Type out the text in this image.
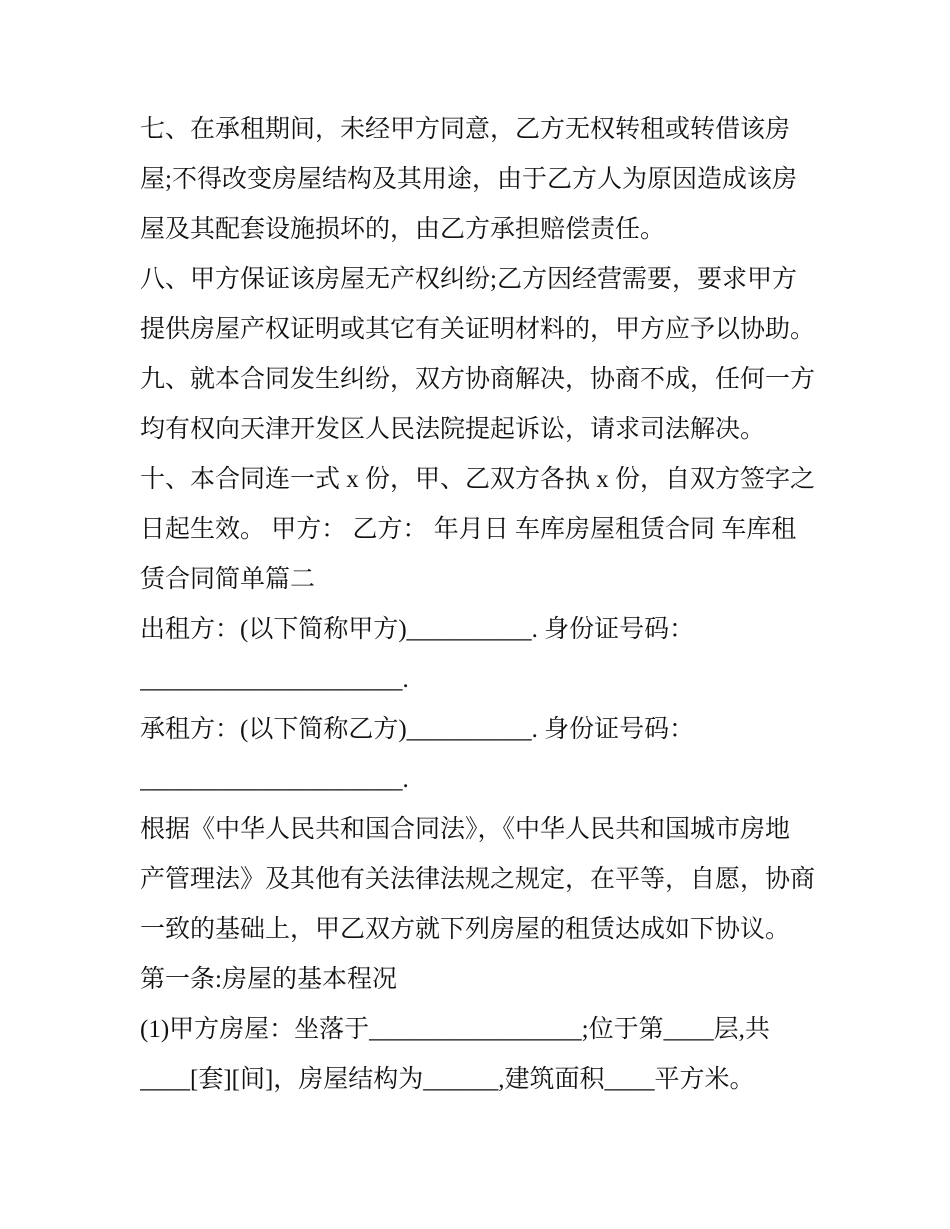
七、在承租期间，未经甲方同意，乙方无权转租或转借该房
屋;不得改变房屋结构及其用途，由于乙方人为原因造成该房
屋及其配套设施损坏的，由乙方承担赔偿责任。
八、甲方保证该房屋无产权纠纷;乙方因经营需要，要求甲方
提供房屋产权证明或其它有关证明材料的，甲方应予以协助。
九、就本合同发生纠纷，双方协商解决，协商不成，任何一方
均有权向天津开发区人民法院提起诉讼，请求司法解决。
十、本合同连一式 x 份，甲、乙双方各执 x 份，自双方签字之
日起生效。 甲方： 乙方： 年月日 车库房屋租赁合同 车库租
赁合同简单篇二
出租方：(以下简称甲方)__________. 身份证号码：
_____________________.
承租方：(以下简称乙方)__________. 身份证号码：
_____________________.
根据《中华人民共和国合同法》，《中华人民共和国城市房地
产管理法》及其他有关法律法规之规定，在平等，自愿，协商
一致的基础上，甲乙双方就下列房屋的租赁达成如下协议。
第一条:房屋的基本程况
(1)甲方房屋：坐落于_________________;位于第____层,共
____[套][间]，房屋结构为______,建筑面积____平方米。
